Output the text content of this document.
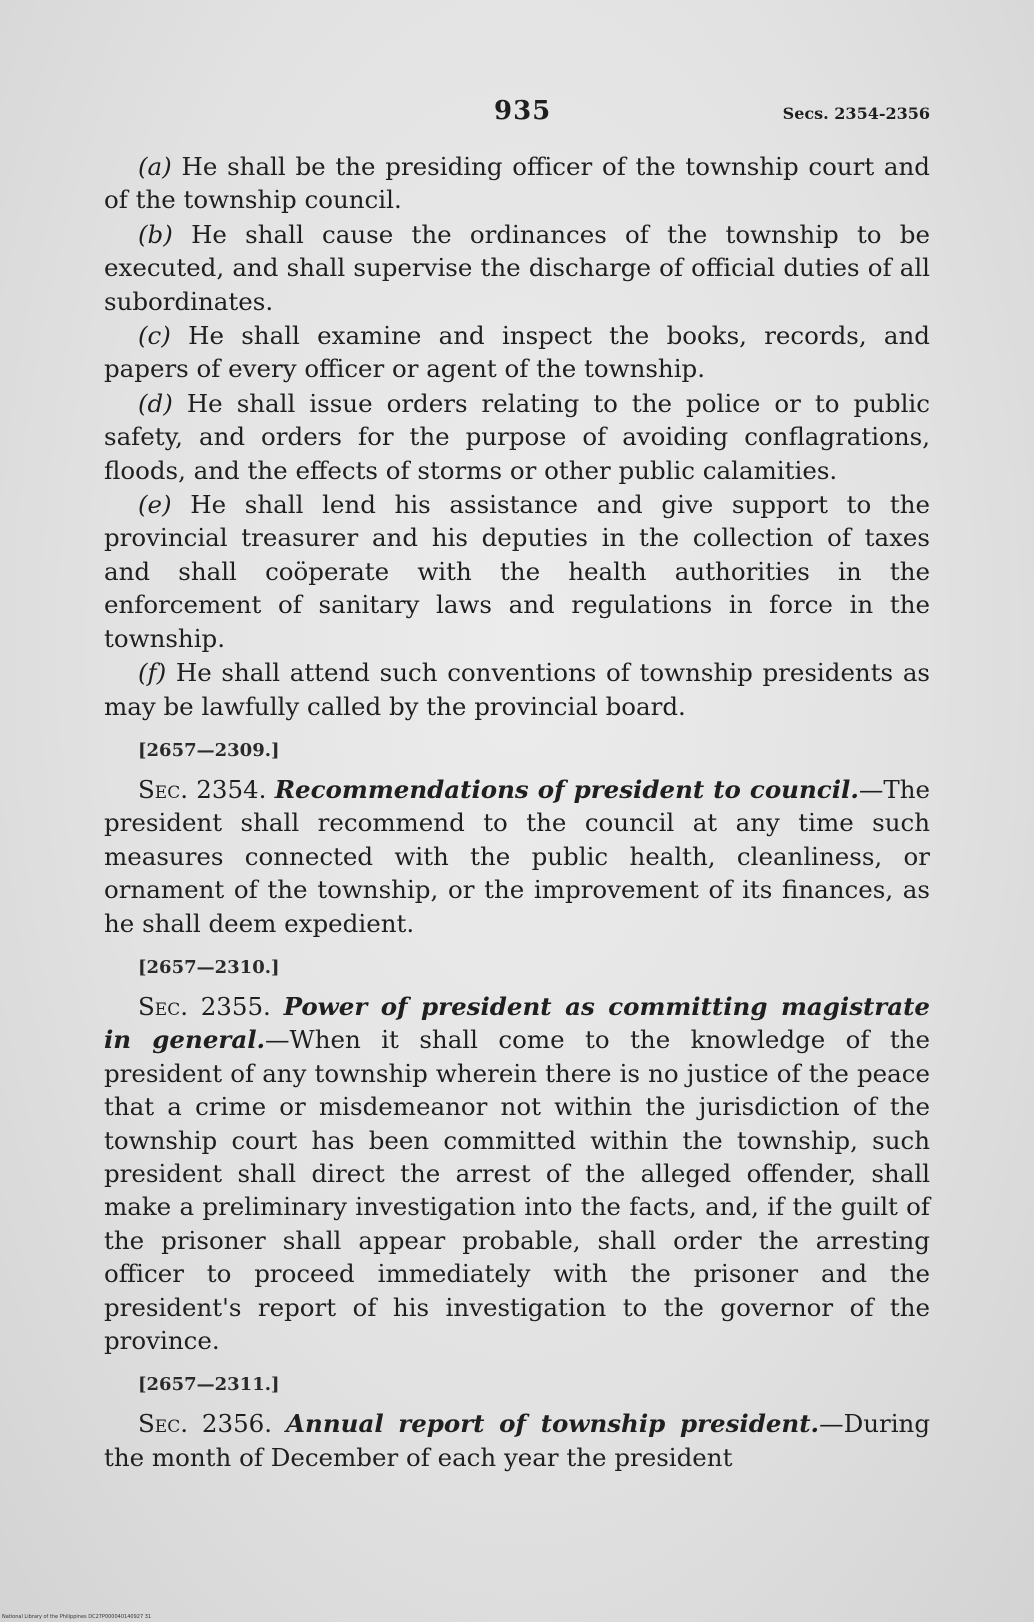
935	Secs. 2354-2356

(a) He shall be the presiding officer of the township court and of the township council.

(b) He shall cause the ordinances of the township to be executed, and shall supervise the discharge of official duties of all subordinates.

(c) He shall examine and inspect the books, records, and papers of every officer or agent of the township.

(d) He shall issue orders relating to the police or to public safety, and orders for the purpose of avoiding conflagrations, floods, and the effects of storms or other public calamities.

(e) He shall lend his assistance and give support to the provincial treasurer and his deputies in the collection of taxes and shall coöperate with the health authorities in the enforcement of sanitary laws and regulations in force in the township.

(f) He shall attend such conventions of township presidents as may be lawfully called by the provincial board.

[2657—2309.]

Sec. 2354. Recommendations of president to council.—The president shall recommend to the council at any time such measures connected with the public health, cleanliness, or ornament of the township, or the improvement of its finances, as he shall deem expedient.

[2657—2310.]

Sec. 2355. Power of president as committing magistrate in general.—When it shall come to the knowledge of the president of any township wherein there is no justice of the peace that a crime or misdemeanor not within the jurisdiction of the township court has been committed within the township, such president shall direct the arrest of the alleged offender, shall make a preliminary investigation into the facts, and, if the guilt of the prisoner shall appear probable, shall order the arresting officer to proceed immediately with the prisoner and the president's report of his investigation to the governor of the province.

[2657—2311.]

Sec. 2356. Annual report of township president.—During the month of December of each year the president

National Library of the Philippines DC27P000040140927 31
